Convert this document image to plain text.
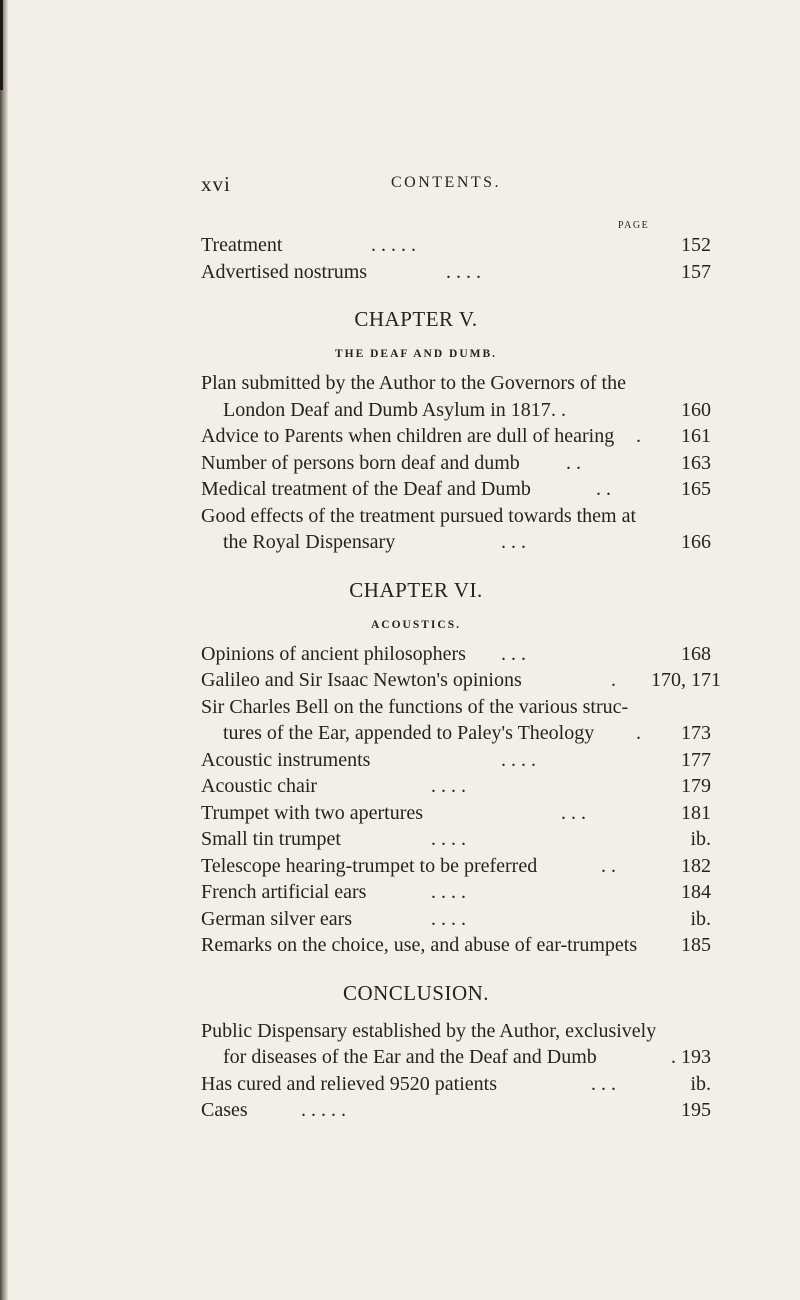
xvi	CONTENTS.
PAGE
Treatment	. . . . .	152
Advertised nostrums	. . . .	157
CHAPTER V.
THE DEAF AND DUMB.
Plan submitted by the Author to the Governors of the
London Deaf and Dumb Asylum in 1817 . .	160
Advice to Parents when children are dull of hearing .	161
Number of persons born deaf and dumb . .	163
Medical treatment of the Deaf and Dumb	. .	165
Good effects of the treatment pursued towards them at
the Royal Dispensary	. . .	166
CHAPTER VI.
ACOUSTICS.
Opinions of ancient philosophers . . .	168
Galileo and Sir Isaac Newton's opinions	. 170, 171
Sir Charles Bell on the functions of the various struc-
tures of the Ear, appended to Paley's Theology	.	173
Acoustic instruments	. . . .	177
Acoustic chair	. . . .	179
Trumpet with two apertures	. . .	181
Small tin trumpet	. . . .	ib.
Telescope hearing-trumpet to be preferred	. .	182
French artificial ears	. . . .	184
German silver ears	. . . .	ib.
Remarks on the choice, use, and abuse of ear-trumpets	185
CONCLUSION.
Public Dispensary established by the Author, exclusively
for diseases of the Ear and the Deaf and Dumb	. 193
Has cured and relieved 9520 patients	. . .	ib.
Cases	. . . . .	195
